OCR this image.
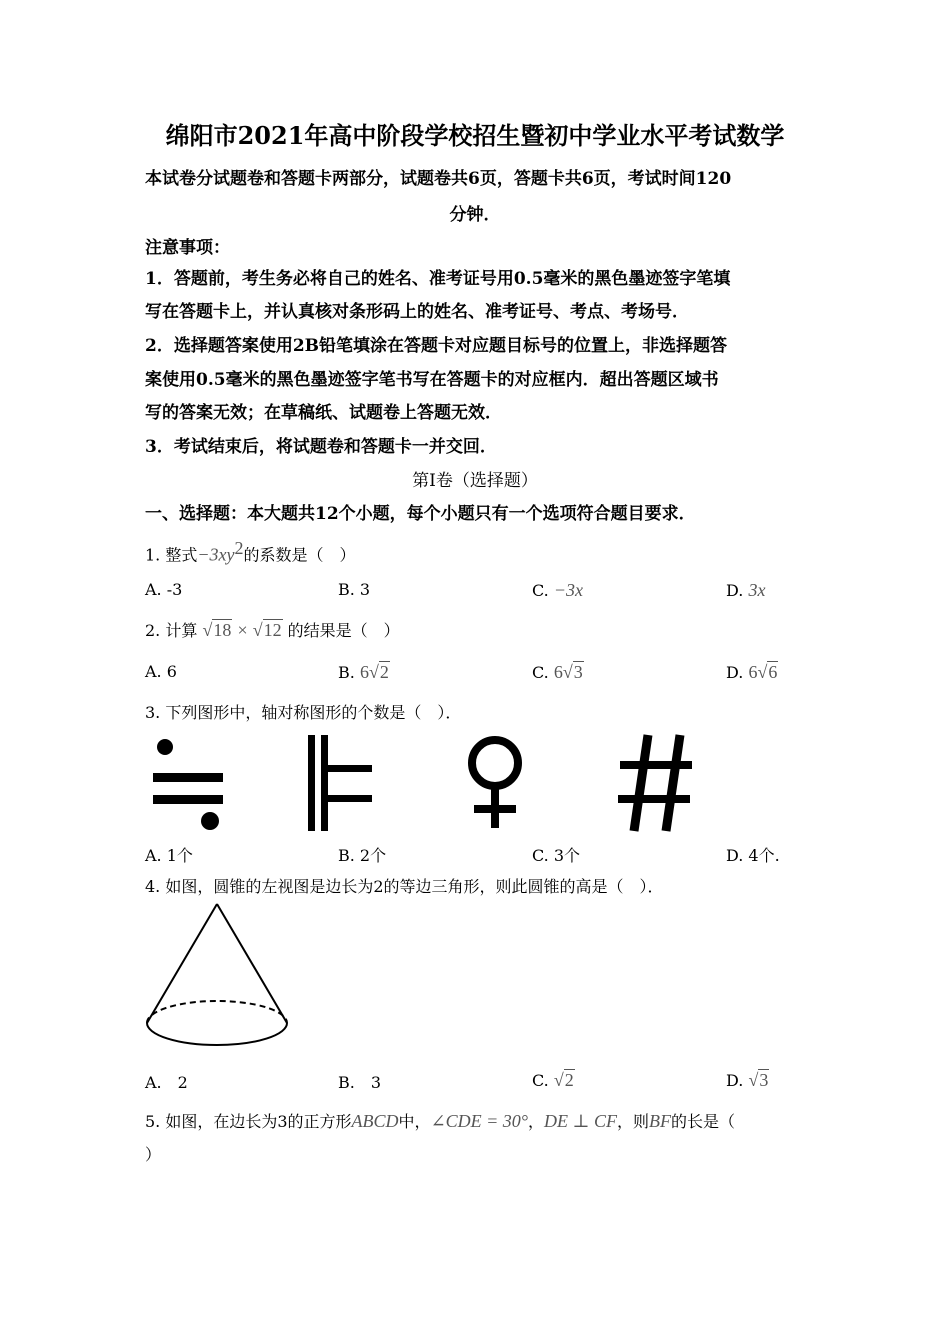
绵阳市2021年高中阶段学校招生暨初中学业水平考试数学
本试卷分试题卷和答题卡两部分，试题卷共6页，答题卡共6页，考试时间120
分钟．
注意事项：
1．答题前，考生务必将自己的姓名、准考证号用0.5毫米的黑色墨迹签字笔填
写在答题卡上，并认真核对条形码上的姓名、准考证号、考点、考场号．
2．选择题答案使用2B铅笔填涂在答题卡对应题目标号的位置上，非选择题答
案使用0.5毫米的黑色墨迹签字笔书写在答题卡的对应框内．超出答题区域书
写的答案无效；在草稿纸、试题卷上答题无效．
3．考试结束后，将试题卷和答题卡一并交回．
第Ⅰ卷（选择题）
一、选择题：本大题共12个小题，每个小题只有一个选项符合题目要求．
1. 整式$-3xy^2$的系数是（　）
A. -3	B. 3	C. −3x	D. 3x
2. 计算 √18 × √12 的结果是（　）
A. 6	B. 6√2	C. 6√3	D. 6√6
3. 下列图形中，轴对称图形的个数是（　）．
A. 1个	B. 2个	C. 3个	D. 4个.
4. 如图，圆锥的左视图是边长为2的等边三角形，则此圆锥的高是（　）．
A.　2	B.　3	C. √2	D. √3
5. 如图，在边长为3的正方形ABCD中，∠CDE = 30°，DE ⊥ CF，则BF的长是（
）
